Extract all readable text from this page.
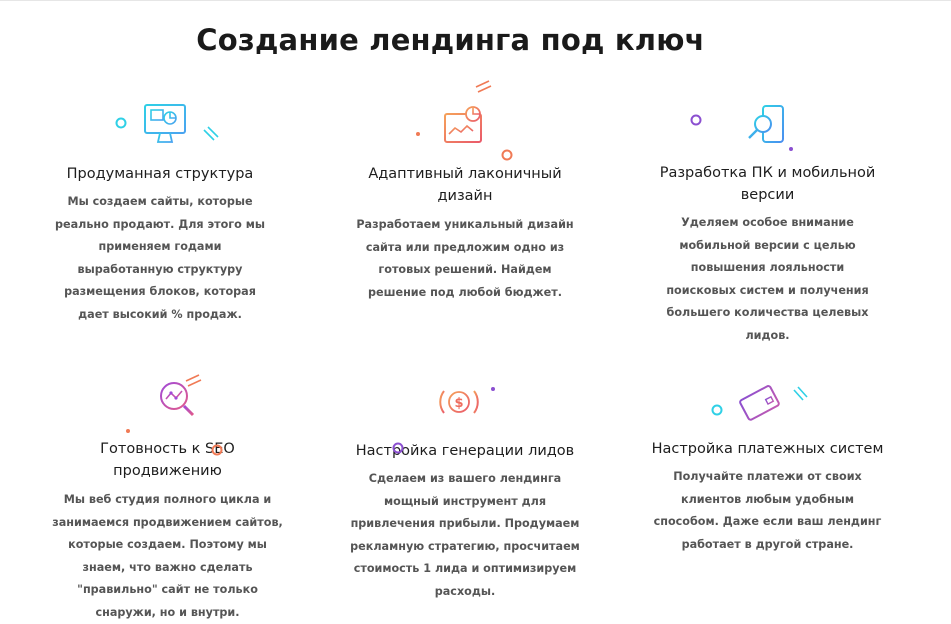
Создание лендинга под ключ
Продуманная структура

Мы создаем сайты, которые реально продают. Для этого мы применяем годами выработанную структуру размещения блоков, которая дает высокий % продаж.

Адаптивный лаконичный дизайн

Разработаем уникальный дизайн сайта или предложим одно из готовых решений. Найдем решение под любой бюджет.

Разработка ПК и мобильной версии

Уделяем особое внимание мобильной версии с целью повышения лояльности поисковых систем и получения большего количества целевых лидов.

Готовность к SEO продвижению

Мы веб студия полного цикла и занимаемся продвижением сайтов, которые создаем. Поэтому мы знаем, что важно сделать "правильно" сайт не только снаружи, но и внутри.

$
Настройка генерации лидов

Сделаем из вашего лендинга мощный инструмент для привлечения прибыли. Продумаем рекламную стратегию, просчитаем стоимость 1 лида и оптимизируем расходы.

Настройка платежных систем

Получайте платежи от своих клиентов любым удобным способом. Даже если ваш лендинг работает в другой стране.
